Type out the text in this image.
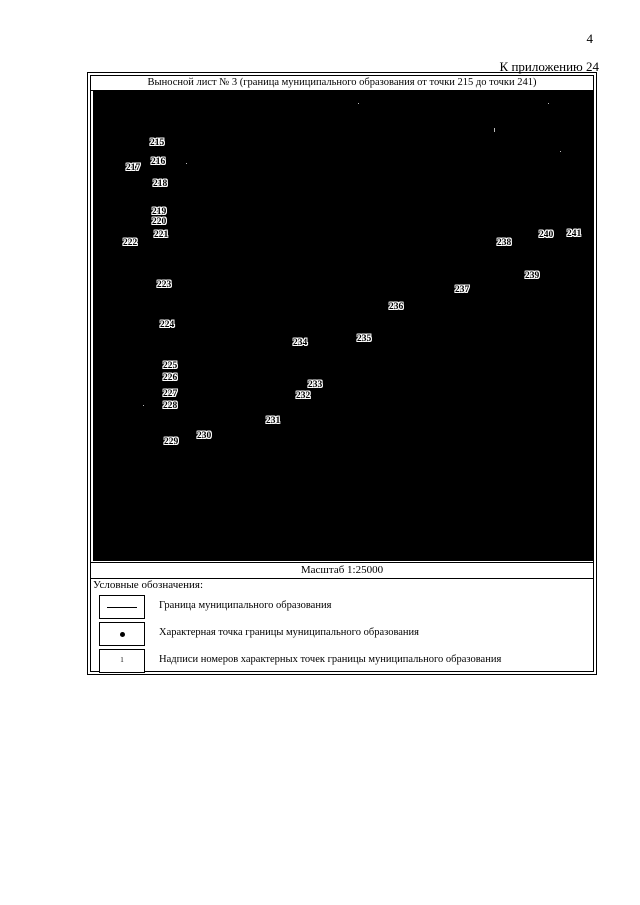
4
К приложению 24
Выносной лист № 3 (граница муниципального образования от точки 215 до точки 241)
215
216
217
218
219
220
221
222
223
224
225
226
227
228
229
230
231
232
233
234	235
236
237
238
239
240 241
Масштаб 1:25000
Условные обозначения:
Граница муниципального образования
Характерная точка границы муниципального образования
1	Надписи номеров характерных точек границы муниципального образования
